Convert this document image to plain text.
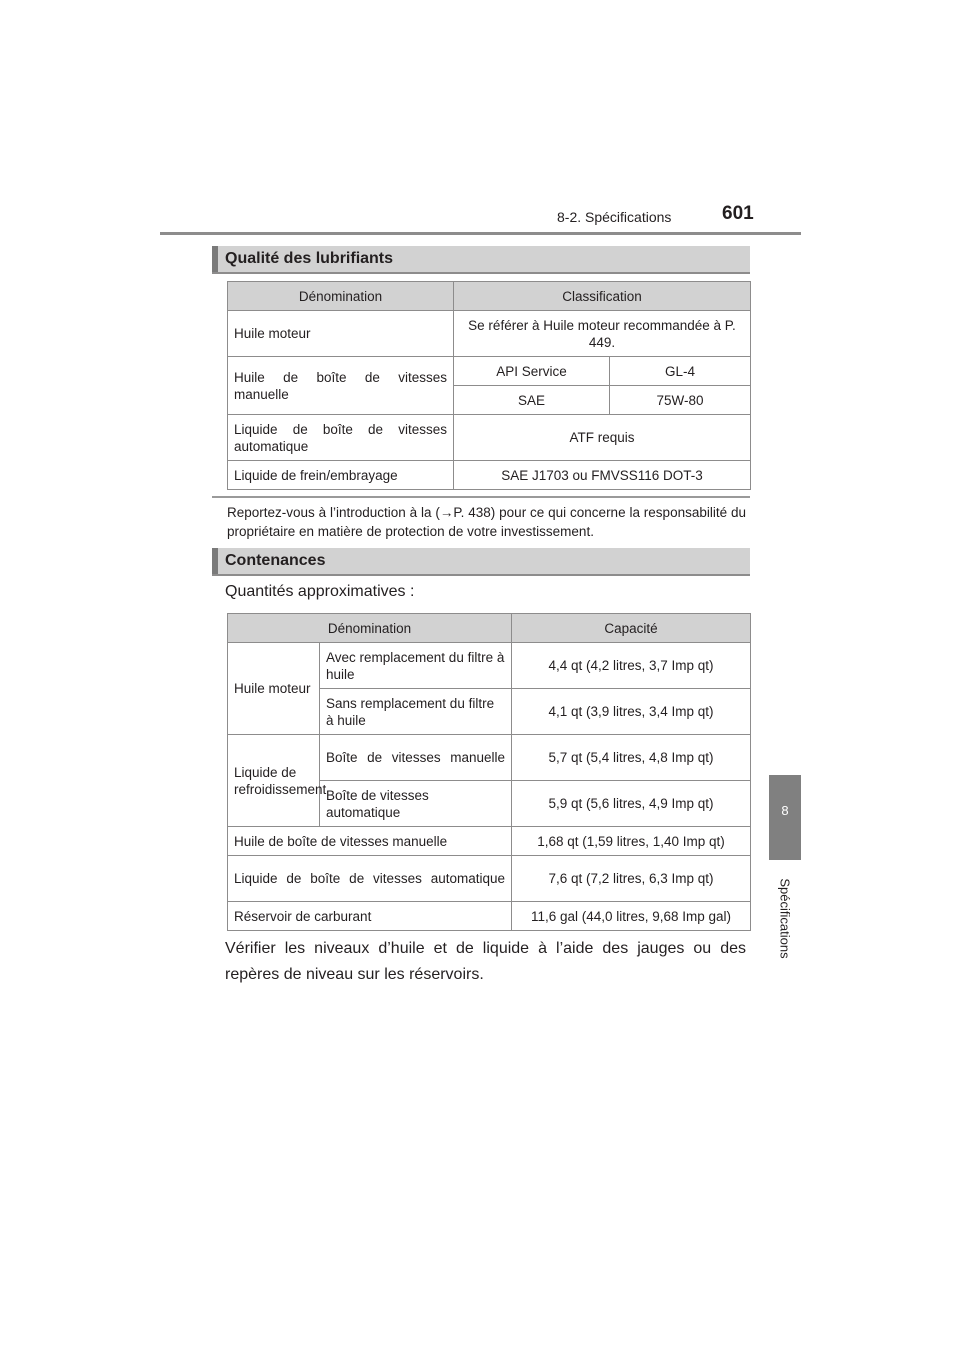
8-2. Spécifications	601
8
Spécifications
Qualité des lubrifiants
Dénomination	Classification	
Huile moteur	Se référer à Huile moteur recommandée à P. 449.	
Huile de boîte de vitesses manuelle	API Service	GL-4
	SAE	75W-80
Liquide de boîte de vitesses automatique	ATF requis	
Liquide de frein/embrayage	SAE J1703 ou FMVSS116 DOT-3	
Reportez-vous à l’introduction à la (→P. 438) pour ce qui concerne la responsabilité du propriétaire en matière de protection de votre investissement.
Contenances
Quantités approximatives :
Dénomination		Capacité
Huile moteur	Avec remplacement du filtre à huile	4,4 qt (4,2 litres, 3,7 Imp qt)
	Sans remplacement du filtre à huile	4,1 qt (3,9 litres, 3,4 Imp qt)
Liquide de refroidissement	Boîte de vitesses manuelle	5,7 qt (5,4 litres, 4,8 Imp qt)
	Boîte de vitesses automatique	5,9 qt (5,6 litres, 4,9 Imp qt)
Huile de boîte de vitesses manuelle		1,68 qt (1,59 litres, 1,40 Imp qt)
Liquide de boîte de vitesses automatique		7,6 qt (7,2 litres, 6,3 Imp qt)
Réservoir de carburant		11,6 gal (44,0 litres, 9,68 Imp gal)
Vérifier les niveaux d’huile et de liquide à l’aide des jauges ou des repères de niveau sur les réservoirs.
